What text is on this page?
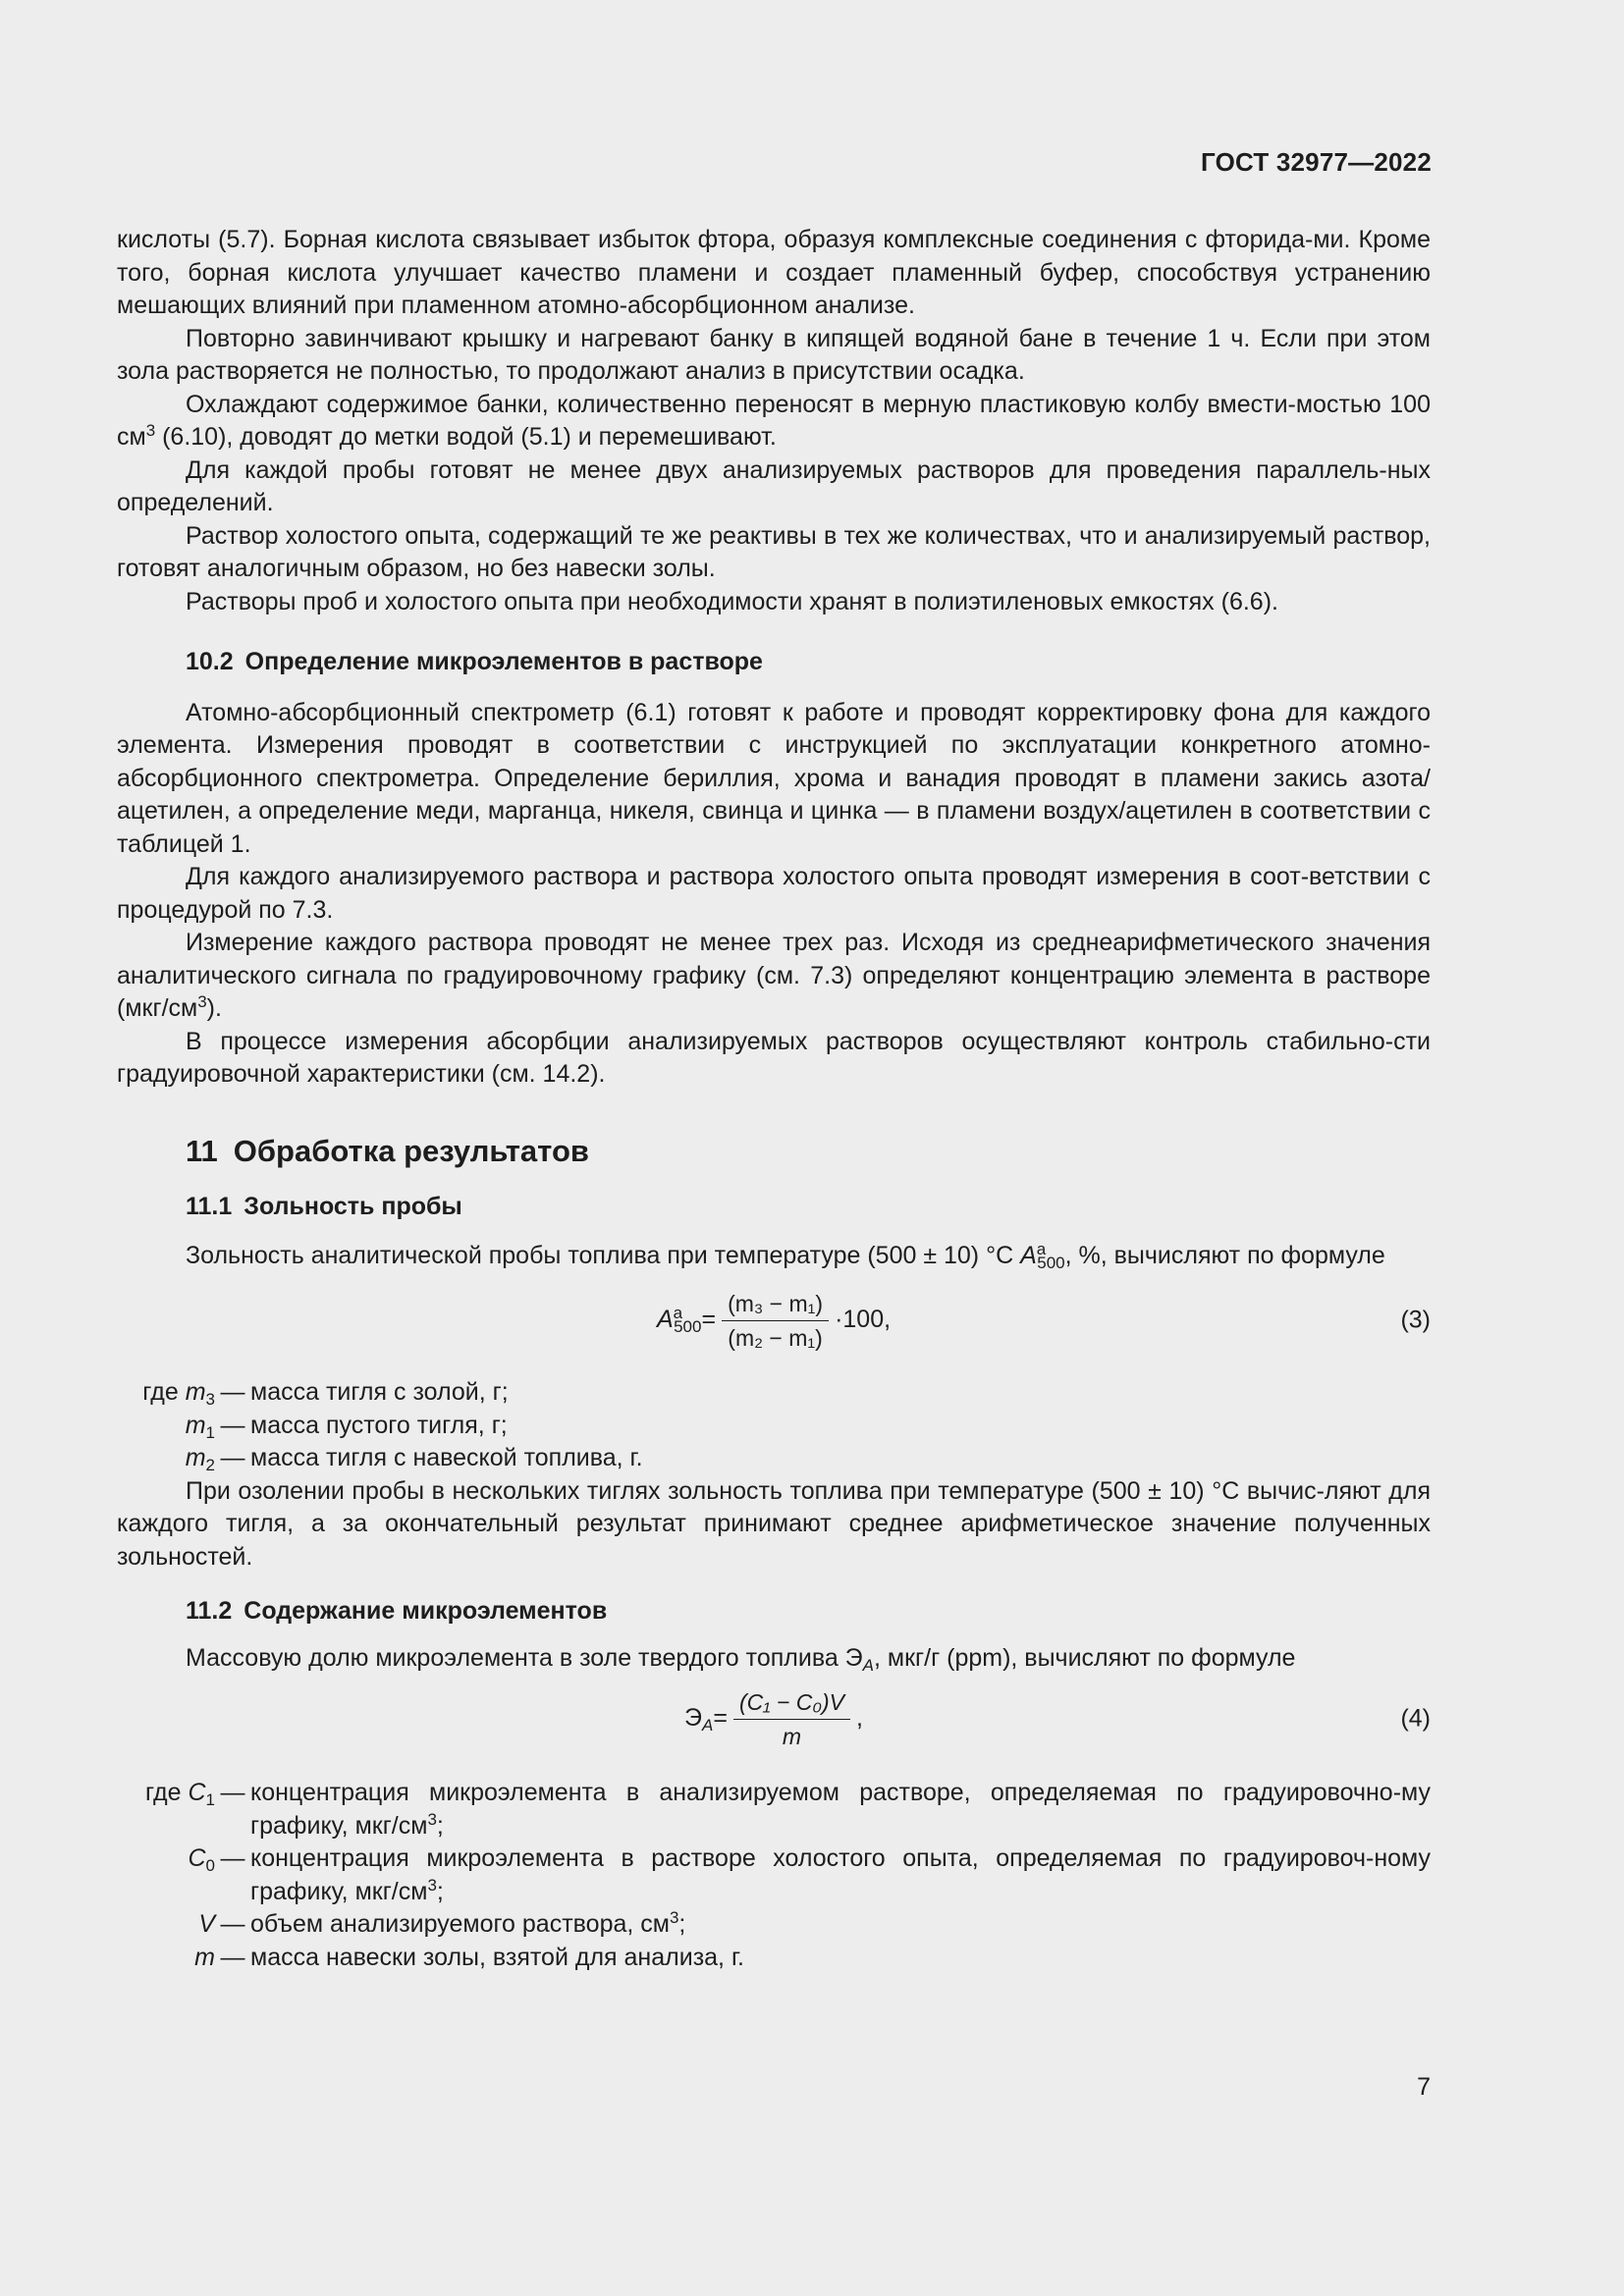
ГОСТ 32977—2022

кислоты (5.7). Борная кислота связывает избыток фтора, образуя комплексные соединения с фторида-ми. Кроме того, борная кислота улучшает качество пламени и создает пламенный буфер, способствуя устранению мешающих влияний при пламенном атомно-абсорбционном анализе.

Повторно завинчивают крышку и нагревают банку в кипящей водяной бане в течение 1 ч. Если при этом зола растворяется не полностью, то продолжают анализ в присутствии осадка.

Охлаждают содержимое банки, количественно переносят в мерную пластиковую колбу вмести-мостью 100 $см^3$ (6.10), доводят до метки водой (5.1) и перемешивают.

Для каждой пробы готовят не менее двух анализируемых растворов для проведения параллель-ных определений.

Раствор холостого опыта, содержащий те же реактивы в тех же количествах, что и анализируемый раствор, готовят аналогичным образом, но без навески золы.

Растворы проб и холостого опыта при необходимости хранят в полиэтиленовых емкостях (6.6).

10.2 Определение микроэлементов в растворе

Атомно-абсорбционный спектрометр (6.1) готовят к работе и проводят корректировку фона для каждого элемента. Измерения проводят в соответствии с инструкцией по эксплуатации конкретного атомно-абсорбционного спектрометра. Определение бериллия, хрома и ванадия проводят в пламени закись азота/ацетилен, а определение меди, марганца, никеля, свинца и цинка — в пламени воздух/ацетилен в соответствии с таблицей 1.

Для каждого анализируемого раствора и раствора холостого опыта проводят измерения в соот-ветствии с процедурой по 7.3.

Измерение каждого раствора проводят не менее трех раз. Исходя из среднеарифметического значения аналитического сигнала по градуировочному графику (см. 7.3) определяют концентрацию элемента в растворе $(мкг/см^3)$.

В процессе измерения абсорбции анализируемых растворов осуществляют контроль стабильно-сти градуировочной характеристики (см. 14.2).

11 Обработка результатов
11.1 Зольность пробы

Зольность аналитической пробы топлива при температуре (500 ± 10) °С $A^a_{500}$, %, вычисляют по формуле

$A^a_{500} = \frac{\text{(m₃ − m₁)}}{\text{(m₂ − m₁)}} \cdot 100$,	(3)
где $m_3$ — масса тигля с золой, г;
$m_1$ — масса пустого тигля, г;
$m_2$ — масса тигля с навеской топлива, г.

При озолении пробы в нескольких тиглях зольность топлива при температуре (500 ± 10) °С вычис-ляют для каждого тигля, а за окончательный результат принимают среднее арифметическое значение полученных зольностей.

11.2 Содержание микроэлементов

Массовую долю микроэлемента в золе твердого топлива $Э_A$, мкг/г (ppm), вычисляют по формуле

$Э_A = \frac{\text{(C₁ − C₀)V}}{m}$ ,	(4)
где $C_1$ — концентрация микроэлемента в анализируемом растворе, определяемая по градуировочно-му графику, мкг/$см^3$;
$C_0$ — концентрация микроэлемента в растворе холостого опыта, определяемая по градуировоч-ному графику, мкг/$см^3$;
V — объем анализируемого раствора, $см^3$;
m — масса навески золы, взятой для анализа, г.
7
